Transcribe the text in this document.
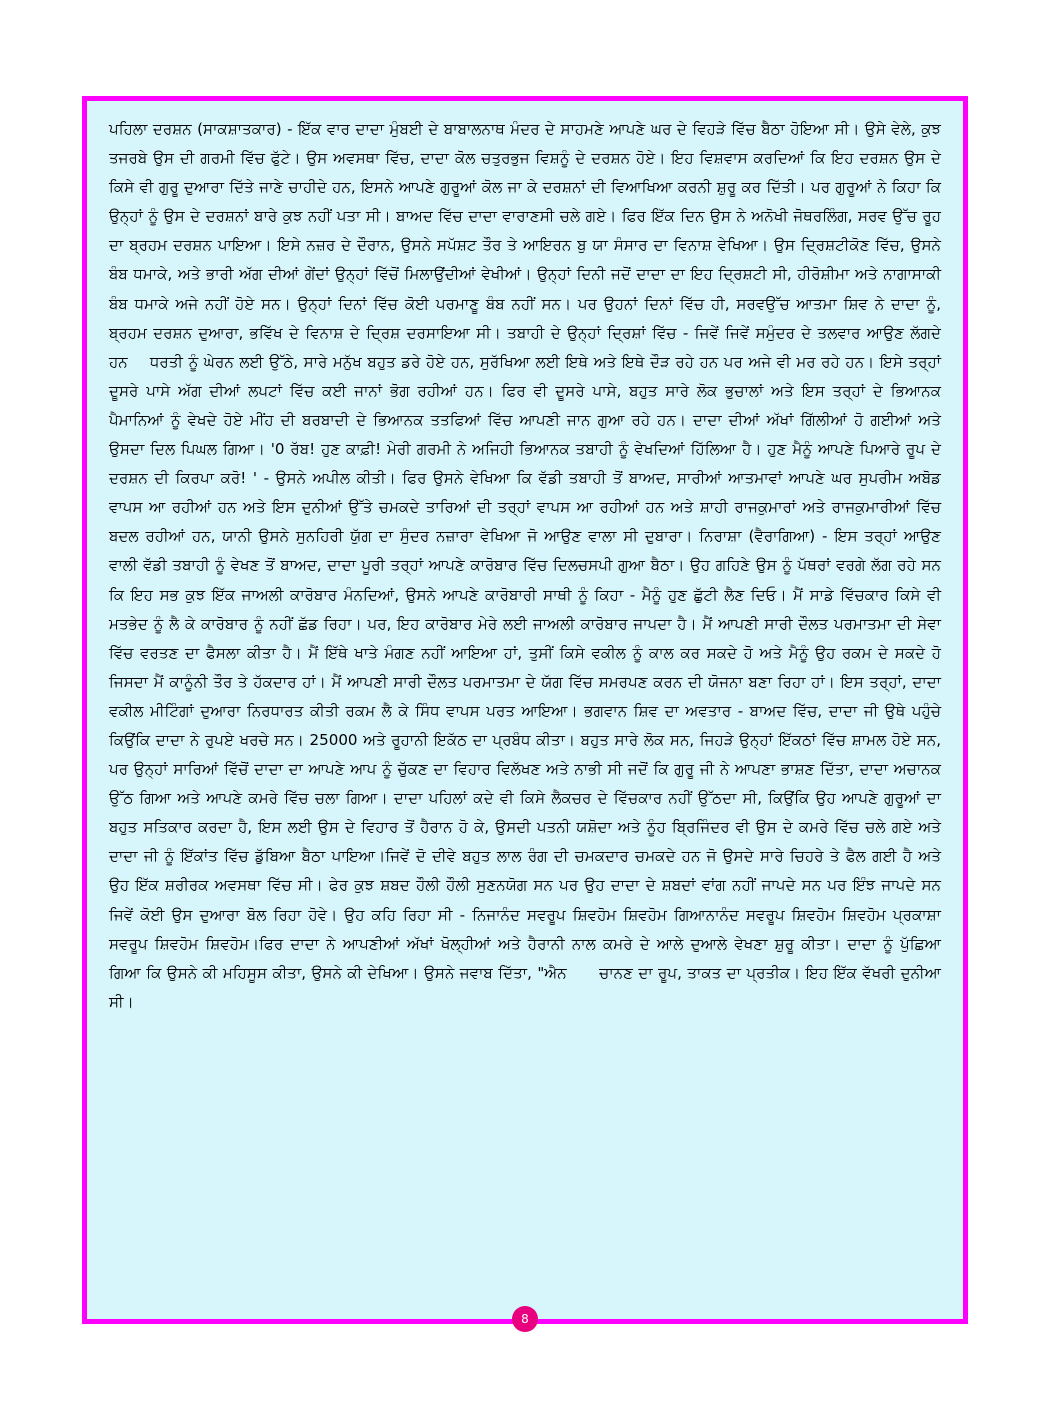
ਪਹਿਲਾ ਦਰਸ਼ਨ (ਸਾਕਸ਼ਾਤਕਾਰ) - ਇੱਕ ਵਾਰ ਦਾਦਾ ਮੁੰਬਈ ਦੇ ਬਾਬਾਲਨਾਥ ਮੰਦਰ ਦੇ ਸਾਹਮਣੇ ਆਪਣੇ ਘਰ ਦੇ ਵਿਹੜੇ ਵਿੱਚ ਬੈਠਾ ਹੋਇਆ ਸੀ। ਉਸੇ ਵੇਲੇ, ਕੁਝ ਤਜਰਬੇ ਉਸ ਦੀ ਗਰਮੀ ਵਿੱਚ ਫੁੱਟੇ। ਉਸ ਅਵਸਥਾ ਵਿੱਚ, ਦਾਦਾ ਕੋਲ ਚਤੁਰਭੁਜ ਵਿਸ਼ਨੂੰ ਦੇ ਦਰਸ਼ਨ ਹੋਏ। ਇਹ ਵਿਸ਼ਵਾਸ ਕਰਦਿਆਂ ਕਿ ਇਹ ਦਰਸ਼ਨ ਉਸ ਦੇ ਕਿਸੇ ਵੀ ਗੁਰੂ ਦੁਆਰਾ ਦਿੱਤੇ ਜਾਣੇ ਚਾਹੀਦੇ ਹਨ, ਇਸਨੇ ਆਪਣੇ ਗੁਰੂਆਂ ਕੋਲ ਜਾ ਕੇ ਦਰਸ਼ਨਾਂ ਦੀ ਵਿਆਖਿਆ ਕਰਨੀ ਸ਼ੁਰੂ ਕਰ ਦਿੱਤੀ। ਪਰ ਗੁਰੂਆਂ ਨੇ ਕਿਹਾ ਕਿ ਉਨ੍ਹਾਂ ਨੂੰ ਉਸ ਦੇ ਦਰਸ਼ਨਾਂ ਬਾਰੇ ਕੁਝ ਨਹੀਂ ਪਤਾ ਸੀ। ਬਾਅਦ ਵਿੱਚ ਦਾਦਾ ਵਾਰਾਣਸੀ ਚਲੇ ਗਏ। ਫਿਰ ਇੱਕ ਦਿਨ ਉਸ ਨੇ ਅਨੋਖੀ ਜੋਥਰਲਿੰਗ, ਸਰਵ ਉੱਚ ਰੂਹ ਦਾ ਬ੍ਰਹਮ ਦਰਸ਼ਨ ਪਾਇਆ। ਇਸੇ ਨਜ਼ਰ ਦੇ ਦੌਰਾਨ, ਉਸਨੇ ਸਪੱਸ਼ਟ ਤੌਰ ਤੇ ਆਇਰਨ ਬੁ ਯਾ ਸੰਸਾਰ ਦਾ ਵਿਨਾਸ਼ ਵੇਖਿਆ। ਉਸ ਦ੍ਰਿਸ਼ਟੀਕੋਣ ਵਿੱਚ, ਉਸਨੇ ਬੰਬ ਧਮਾਕੇ, ਅਤੇ ਭਾਰੀ ਅੱਗ ਦੀਆਂ ਗੇਂਦਾਂ ਉਨ੍ਹਾਂ ਵਿੱਚੋਂ ਮਿਲਾਉਂਦੀਆਂ ਵੇਖੀਆਂ। ਉਨ੍ਹਾਂ ਦਿਨੀ ਜਦੋਂ ਦਾਦਾ ਦਾ ਇਹ ਦ੍ਰਿਸ਼ਟੀ ਸੀ, ਹੀਰੋਸ਼ੀਮਾ ਅਤੇ ਨਾਗਾਸਾਕੀ ਬੰਬ ਧਮਾਕੇ ਅਜੇ ਨਹੀਂ ਹੋਏ ਸਨ। ਉਨ੍ਹਾਂ ਦਿਨਾਂ ਵਿੱਚ ਕੋਈ ਪਰਮਾਣੂ ਬੰਬ ਨਹੀਂ ਸਨ। ਪਰ ਉਹਨਾਂ ਦਿਨਾਂ ਵਿੱਚ ਹੀ, ਸਰਵਉੱਚ ਆਤਮਾ ਸ਼ਿਵ ਨੇ ਦਾਦਾ ਨੂੰ, ਬ੍ਰਹਮ ਦਰਸ਼ਨ ਦੁਆਰਾ, ਭਵਿੱਖ ਦੇ ਵਿਨਾਸ਼ ਦੇ ਦ੍ਰਿਸ਼ ਦਰਸਾਇਆ ਸੀ। ਤਬਾਹੀ ਦੇ ਉਨ੍ਹਾਂ ਦ੍ਰਿਸ਼ਾਂ ਵਿੱਚ - ਜਿਵੇਂ ਜਿਵੇਂ ਸਮੁੰਦਰ ਦੇ ਤਲਵਾਰ ਆਉਣ ਲੱਗਦੇ ਹਨ    ਧਰਤੀ ਨੂੰ ਘੇਰਨ ਲਈ ਉੱਠੇ, ਸਾਰੇ ਮਨੁੱਖ ਬਹੁਤ ਡਰੇ ਹੋਏ ਹਨ, ਸੁਰੱਖਿਆ ਲਈ ਇਥੇ ਅਤੇ ਇਥੇ ਦੌੜ ਰਹੇ ਹਨ ਪਰ ਅਜੇ ਵੀ ਮਰ ਰਹੇ ਹਨ। ਇਸੇ ਤਰ੍ਹਾਂ ਦੂਸਰੇ ਪਾਸੇ ਅੱਗ ਦੀਆਂ ਲਪਟਾਂ ਵਿੱਚ ਕਈ ਜਾਨਾਂ ਭੋਗ ਰਹੀਆਂ ਹਨ। ਫਿਰ ਵੀ ਦੂਸਰੇ ਪਾਸੇ, ਬਹੁਤ ਸਾਰੇ ਲੋਕ ਭੁਚਾਲਾਂ ਅਤੇ ਇਸ ਤਰ੍ਹਾਂ ਦੇ ਭਿਆਨਕ ਪੈਮਾਨਿਆਂ ਨੂੰ ਵੇਖਦੇ ਹੋਏ ਮੀਂਹ ਦੀ ਬਰਬਾਦੀ ਦੇ ਭਿਆਨਕ ਤਤਫਿਆਂ ਵਿੱਚ ਆਪਣੀ ਜਾਨ ਗੁਆ ਰਹੇ ਹਨ। ਦਾਦਾ ਦੀਆਂ ਅੱਖਾਂ ਗਿੱਲੀਆਂ ਹੋ ਗਈਆਂ ਅਤੇ ਉਸਦਾ ਦਿਲ ਪਿਘਲ ਗਿਆ। '0 ਰੱਬ! ਹੁਣ ਕਾਫ਼ੀ! ਮੇਰੀ ਗਰਮੀ ਨੇ ਅਜਿਹੀ ਭਿਆਨਕ ਤਬਾਹੀ ਨੂੰ ਵੇਖਦਿਆਂ ਹਿੱਲਿਆ ਹੈ। ਹੁਣ ਮੈਨੂੰ ਆਪਣੇ ਪਿਆਰੇ ਰੂਪ ਦੇ ਦਰਸ਼ਨ ਦੀ ਕਿਰਪਾ ਕਰੋ! ' - ਉਸਨੇ ਅਪੀਲ ਕੀਤੀ। ਫਿਰ ਉਸਨੇ ਵੇਖਿਆ ਕਿ ਵੱਡੀ ਤਬਾਹੀ ਤੋਂ ਬਾਅਦ, ਸਾਰੀਆਂ ਆਤਮਾਵਾਂ ਆਪਣੇ ਘਰ ਸੁਪਰੀਮ ਅਬੋਡ ਵਾਪਸ ਆ ਰਹੀਆਂ ਹਨ ਅਤੇ ਇਸ ਦੁਨੀਆਂ ਉੱਤੇ ਚਮਕਦੇ ਤਾਰਿਆਂ ਦੀ ਤਰ੍ਹਾਂ ਵਾਪਸ ਆ ਰਹੀਆਂ ਹਨ ਅਤੇ ਸ਼ਾਹੀ ਰਾਜਕੁਮਾਰਾਂ ਅਤੇ ਰਾਜਕੁਮਾਰੀਆਂ ਵਿੱਚ ਬਦਲ ਰਹੀਆਂ ਹਨ, ਯਾਨੀ ਉਸਨੇ ਸੁਨਹਿਰੀ ਯੁੱਗ ਦਾ ਸੁੰਦਰ ਨਜ਼ਾਰਾ ਵੇਖਿਆ ਜੋ ਆਉਣ ਵਾਲਾ ਸੀ ਦੁਬਾਰਾ। ਨਿਰਾਸ਼ਾ (ਵੈਰਾਗਿਆ) - ਇਸ ਤਰ੍ਹਾਂ ਆਉਣ ਵਾਲੀ ਵੱਡੀ ਤਬਾਹੀ ਨੂੰ ਵੇਖਣ ਤੋਂ ਬਾਅਦ, ਦਾਦਾ ਪੂਰੀ ਤਰ੍ਹਾਂ ਆਪਣੇ ਕਾਰੋਬਾਰ ਵਿੱਚ ਦਿਲਚਸਪੀ ਗੁਆ ਬੈਠਾ। ਉਹ ਗਹਿਣੇ ਉਸ ਨੂੰ ਪੱਥਰਾਂ ਵਰਗੇ ਲੱਗ ਰਹੇ ਸਨ ਕਿ ਇਹ ਸਭ ਕੁਝ ਇੱਕ ਜਾਅਲੀ ਕਾਰੋਬਾਰ ਮੰਨਦਿਆਂ, ਉਸਨੇ ਆਪਣੇ ਕਾਰੋਬਾਰੀ ਸਾਥੀ ਨੂੰ ਕਿਹਾ - ਮੈਨੂੰ ਹੁਣ ਛੁੱਟੀ ਲੈਣ ਦਿਓ। ਮੈਂ ਸਾਡੇ ਵਿੱਚਕਾਰ ਕਿਸੇ ਵੀ ਮਤਭੇਦ ਨੂੰ ਲੈ ਕੇ ਕਾਰੋਬਾਰ ਨੂੰ ਨਹੀਂ ਛੱਡ ਰਿਹਾ। ਪਰ, ਇਹ ਕਾਰੋਬਾਰ ਮੇਰੇ ਲਈ ਜਾਅਲੀ ਕਾਰੋਬਾਰ ਜਾਪਦਾ ਹੈ। ਮੈਂ ਆਪਣੀ ਸਾਰੀ ਦੌਲਤ ਪਰਮਾਤਮਾ ਦੀ ਸੇਵਾ ਵਿੱਚ ਵਰਤਣ ਦਾ ਫੈਸਲਾ ਕੀਤਾ ਹੈ। ਮੈਂ ਇੱਥੇ ਖਾਤੇ ਮੰਗਣ ਨਹੀਂ ਆਇਆ ਹਾਂ, ਤੁਸੀਂ ਕਿਸੇ ਵਕੀਲ ਨੂੰ ਕਾਲ ਕਰ ਸਕਦੇ ਹੋ ਅਤੇ ਮੈਨੂੰ ਉਹ ਰਕਮ ਦੇ ਸਕਦੇ ਹੋ ਜਿਸਦਾ ਮੈਂ ਕਾਨੂੰਨੀ ਤੌਰ ਤੇ ਹੱਕਦਾਰ ਹਾਂ। ਮੈਂ ਆਪਣੀ ਸਾਰੀ ਦੌਲਤ ਪਰਮਾਤਮਾ ਦੇ ਯੱਗ ਵਿੱਚ ਸਮਰਪਣ ਕਰਨ ਦੀ ਯੋਜਨਾ ਬਣਾ ਰਿਹਾ ਹਾਂ। ਇਸ ਤਰ੍ਹਾਂ, ਦਾਦਾ ਵਕੀਲ ਮੀਟਿੰਗਾਂ ਦੁਆਰਾ ਨਿਰਧਾਰਤ ਕੀਤੀ ਰਕਮ ਲੈ ਕੇ ਸਿੰਧ ਵਾਪਸ ਪਰਤ ਆਇਆ। ਭਗਵਾਨ ਸ਼ਿਵ ਦਾ ਅਵਤਾਰ - ਬਾਅਦ ਵਿੱਚ, ਦਾਦਾ ਜੀ ਉਥੇ ਪਹੁੰਚੇ ਕਿਉਂਕਿ ਦਾਦਾ ਨੇ ਰੁਪਏ ਖਰਚੇ ਸਨ। 25000 ਅਤੇ ਰੂਹਾਨੀ ਇਕੱਠ ਦਾ ਪ੍ਰਬੰਧ ਕੀਤਾ। ਬਹੁਤ ਸਾਰੇ ਲੋਕ ਸਨ, ਜਿਹੜੇ ਉਨ੍ਹਾਂ ਇੱਕਠਾਂ ਵਿੱਚ ਸ਼ਾਮਲ ਹੋਏ ਸਨ, ਪਰ ਉਨ੍ਹਾਂ ਸਾਰਿਆਂ ਵਿੱਚੋਂ ਦਾਦਾ ਦਾ ਆਪਣੇ ਆਪ ਨੂੰ ਚੁੱਕਣ ਦਾ ਵਿਹਾਰ ਵਿਲੱਖਣ ਅਤੇ ਨਾਭੀ ਸੀ ਜਦੋਂ ਕਿ ਗੁਰੂ ਜੀ ਨੇ ਆਪਣਾ ਭਾਸ਼ਣ ਦਿੱਤਾ, ਦਾਦਾ ਅਚਾਨਕ ਉੱਠ ਗਿਆ ਅਤੇ ਆਪਣੇ ਕਮਰੇ ਵਿੱਚ ਚਲਾ ਗਿਆ। ਦਾਦਾ ਪਹਿਲਾਂ ਕਦੇ ਵੀ ਕਿਸੇ ਲੈਕਚਰ ਦੇ ਵਿੱਚਕਾਰ ਨਹੀਂ ਉੱਠਦਾ ਸੀ, ਕਿਉਂਕਿ ਉਹ ਆਪਣੇ ਗੁਰੂਆਂ ਦਾ ਬਹੁਤ ਸਤਿਕਾਰ ਕਰਦਾ ਹੈ, ਇਸ ਲਈ ਉਸ ਦੇ ਵਿਹਾਰ ਤੋਂ ਹੈਰਾਨ ਹੋ ਕੇ, ਉਸਦੀ ਪਤਨੀ ਯਸ਼ੋਦਾ ਅਤੇ ਨੂੰਹ ਬ੍ਰਿਜਿੰਦਰ ਵੀ ਉਸ ਦੇ ਕਮਰੇ ਵਿੱਚ ਚਲੇ ਗਏ ਅਤੇ ਦਾਦਾ ਜੀ ਨੂੰ ਇੱਕਾਂਤ ਵਿੱਚ ਡੁੱਬਿਆ ਬੈਠਾ ਪਾਇਆ।ਜਿਵੇਂ ਦੋ ਦੀਵੇ ਬਹੁਤ ਲਾਲ ਰੰਗ ਦੀ ਚਮਕਦਾਰ ਚਮਕਦੇ ਹਨ ਜੋ ਉਸਦੇ ਸਾਰੇ ਚਿਹਰੇ ਤੇ ਫੈਲ ਗਈ ਹੈ ਅਤੇ ਉਹ ਇੱਕ ਸ਼ਰੀਰਕ ਅਵਸਥਾ ਵਿੱਚ ਸੀ। ਫੇਰ ਕੁਝ ਸ਼ਬਦ ਹੌਲੀ ਹੌਲੀ ਸੁਣਨਯੋਗ ਸਨ ਪਰ ਉਹ ਦਾਦਾ ਦੇ ਸ਼ਬਦਾਂ ਵਾਂਗ ਨਹੀਂ ਜਾਪਦੇ ਸਨ ਪਰ ਇੰਝ ਜਾਪਦੇ ਸਨ ਜਿਵੇਂ ਕੋਈ ਉਸ ਦੁਆਰਾ ਬੋਲ ਰਿਹਾ ਹੋਵੇ। ਉਹ ਕਹਿ ਰਿਹਾ ਸੀ - ਨਿਜਾਨੰਦ ਸਵਰੂਪ ਸ਼ਿਵਹੋਮ ਸ਼ਿਵਹੋਮ ਗਿਆਨਾਨੰਦ ਸਵਰੂਪ ਸ਼ਿਵਹੋਮ ਸ਼ਿਵਹੋਮ ਪ੍ਰਕਾਸ਼ਾ ਸਵਰੂਪ ਸ਼ਿਵਹੋਮ ਸ਼ਿਵਹੋਮ।ਫਿਰ ਦਾਦਾ ਨੇ ਆਪਣੀਆਂ ਅੱਖਾਂ ਖੋਲ੍ਹੀਆਂ ਅਤੇ ਹੈਰਾਨੀ ਨਾਲ ਕਮਰੇ ਦੇ ਆਲੇ ਦੁਆਲੇ ਵੇਖਣਾ ਸ਼ੁਰੂ ਕੀਤਾ। ਦਾਦਾ ਨੂੰ ਪੁੱਛਿਆ ਗਿਆ ਕਿ ਉਸਨੇ ਕੀ ਮਹਿਸੂਸ ਕੀਤਾ, ਉਸਨੇ ਕੀ ਦੇਖਿਆ। ਉਸਨੇ ਜਵਾਬ ਦਿੱਤਾ, "ਐਨ      ਚਾਨਣ ਦਾ ਰੂਪ, ਤਾਕਤ ਦਾ ਪ੍ਰਤੀਕ। ਇਹ ਇੱਕ ਵੱਖਰੀ ਦੁਨੀਆ ਸੀ।
8
